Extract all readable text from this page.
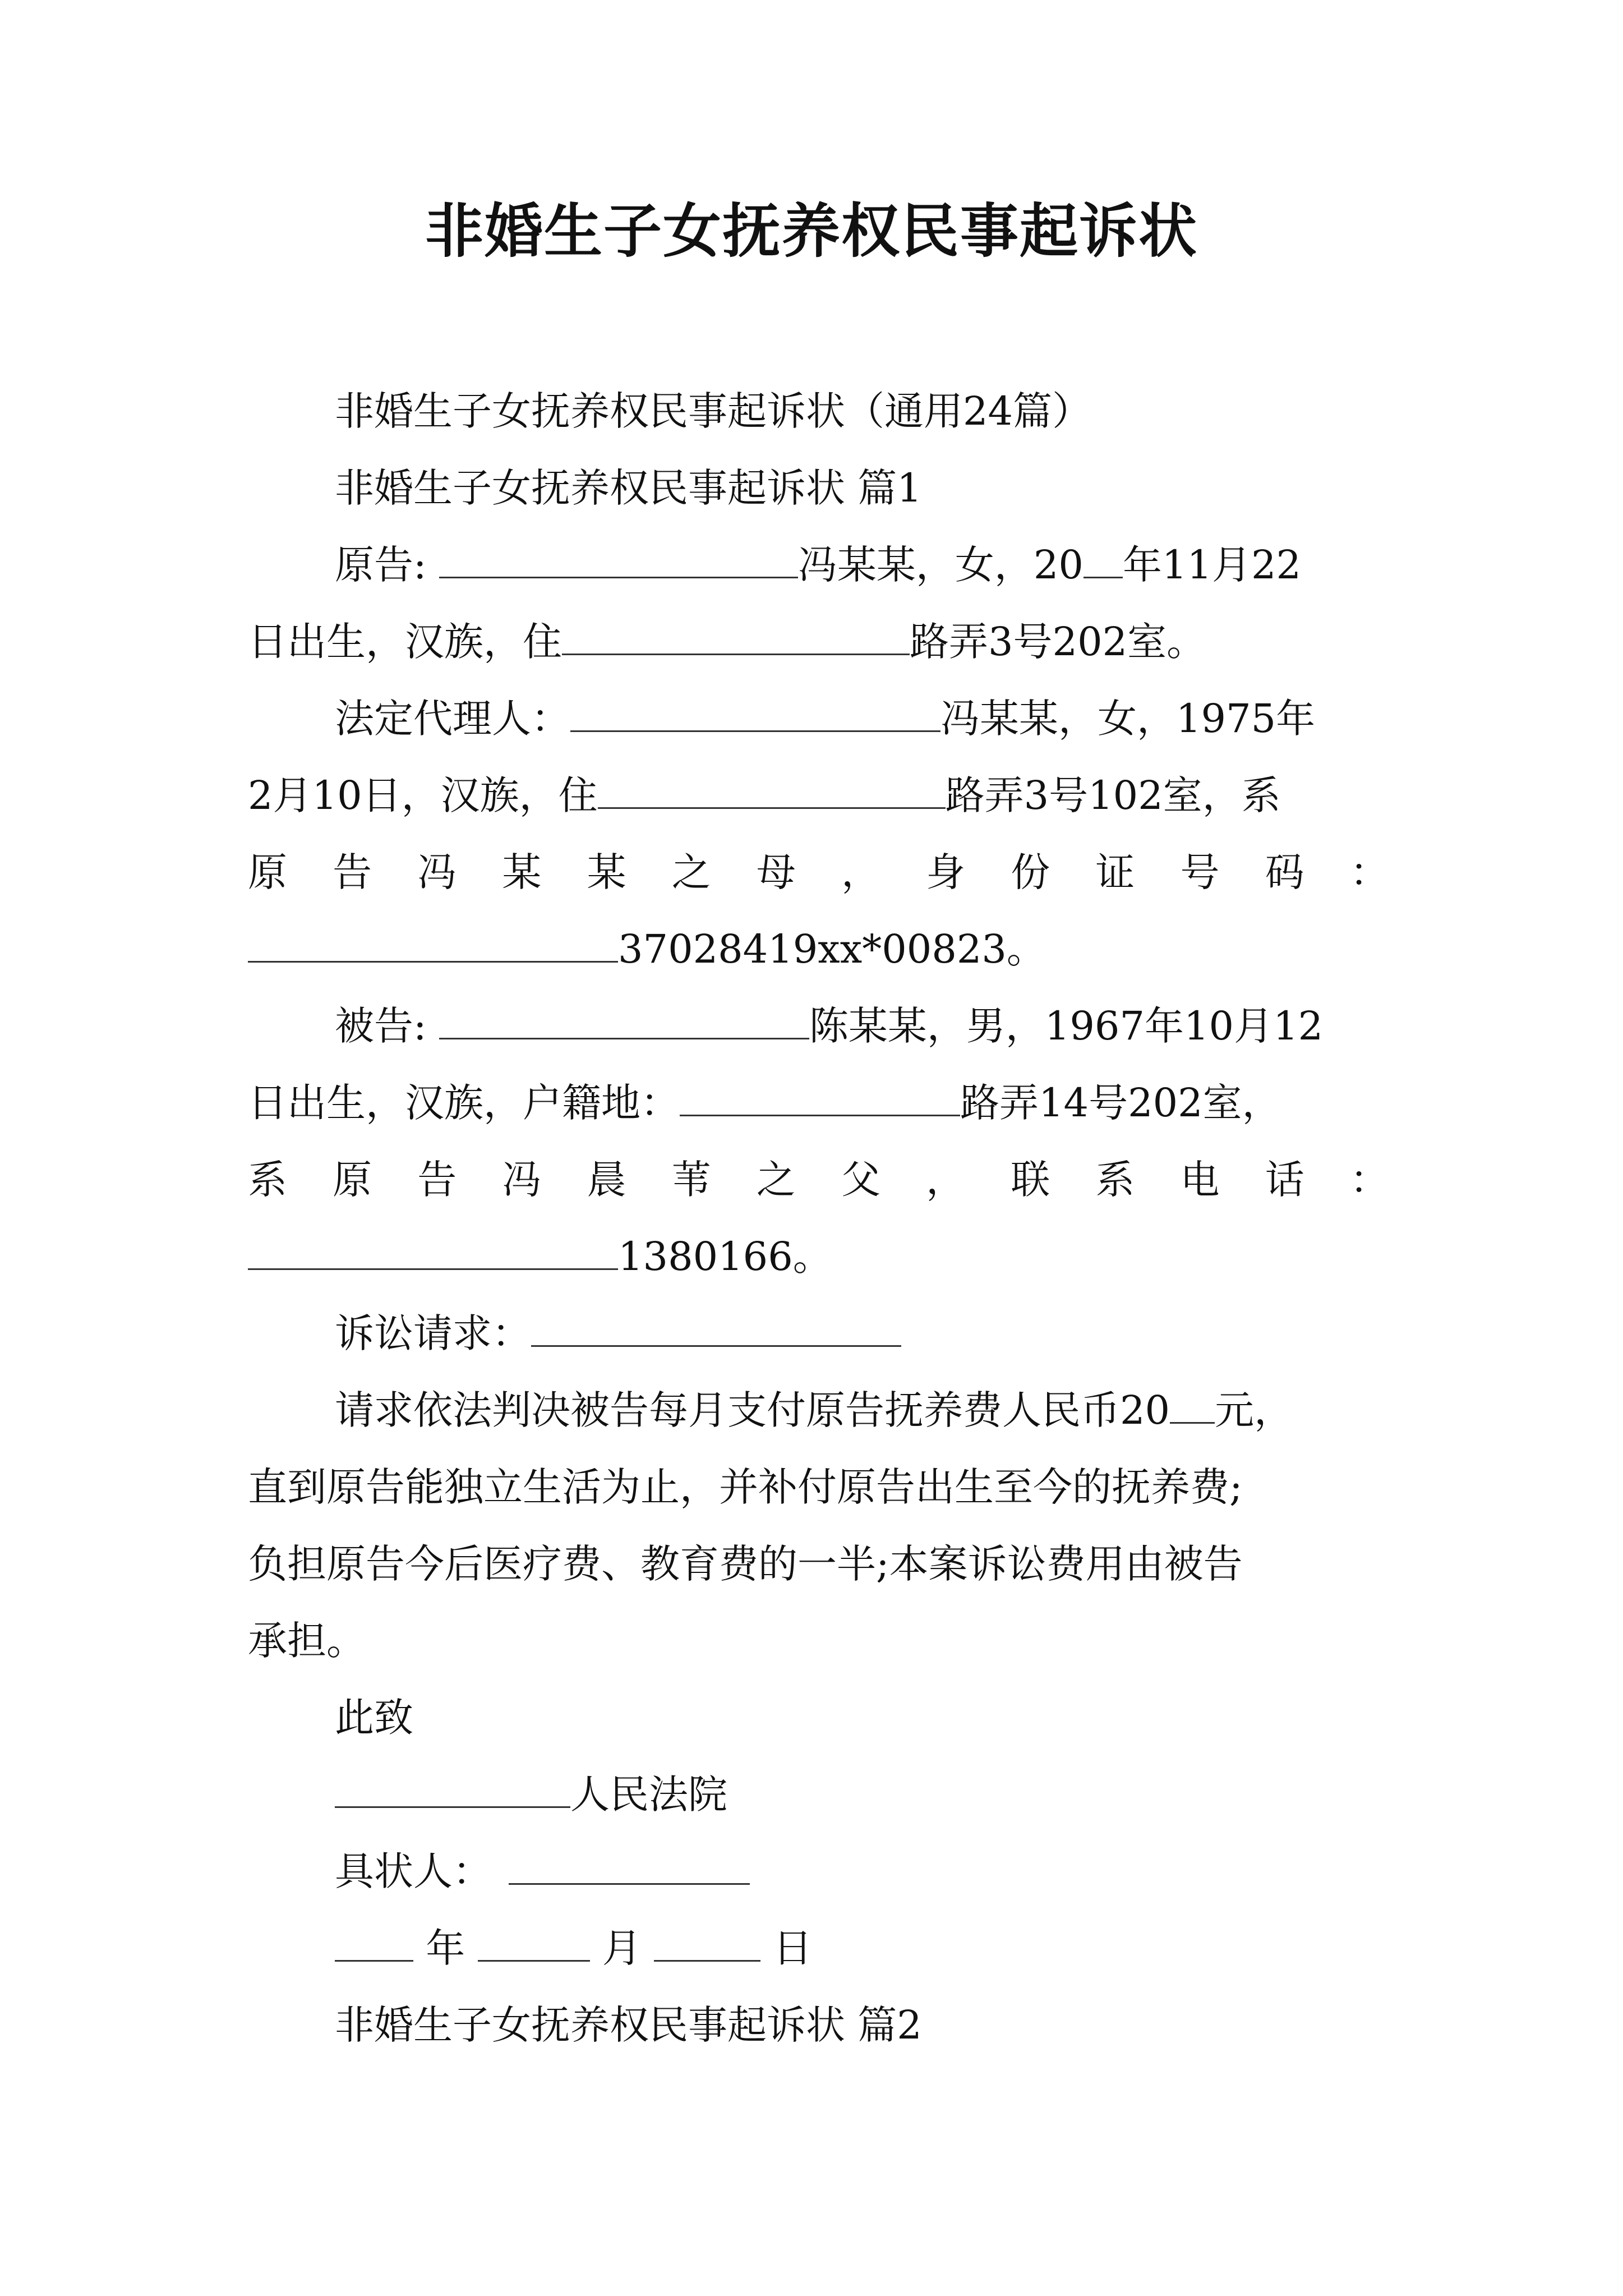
非婚生子女抚养权民事起诉状

非婚生子女抚养权民事起诉状（通用24篇）

非婚生子女抚养权民事起诉状 篇1

原告:	冯某某，女，20 年11月22

日出生，汉族，住	路弄3号202室。

法定代理人：	冯某某，女，1975年

2月10日，汉族，住	路弄3号102室，系

原 告 冯 某 某 之 母 ， 身 份 证 号 码 ：

37028419xx*00823。

被告:	陈某某，男，1967年10月12

日出生，汉族，户籍地：	路弄14号202室，

系 原 告 冯 晨 苇 之 父 ， 联 系 电 话 ：

1380166。

诉讼请求：

请求依法判决被告每月支付原告抚养费人民币20 元，

直到原告能独立生活为止，并补付原告出生至今的抚养费;

负担原告今后医疗费、教育费的一半;本案诉讼费用由被告

承担。

此致

人民法院

具状人：

年	月	日

非婚生子女抚养权民事起诉状 篇2
